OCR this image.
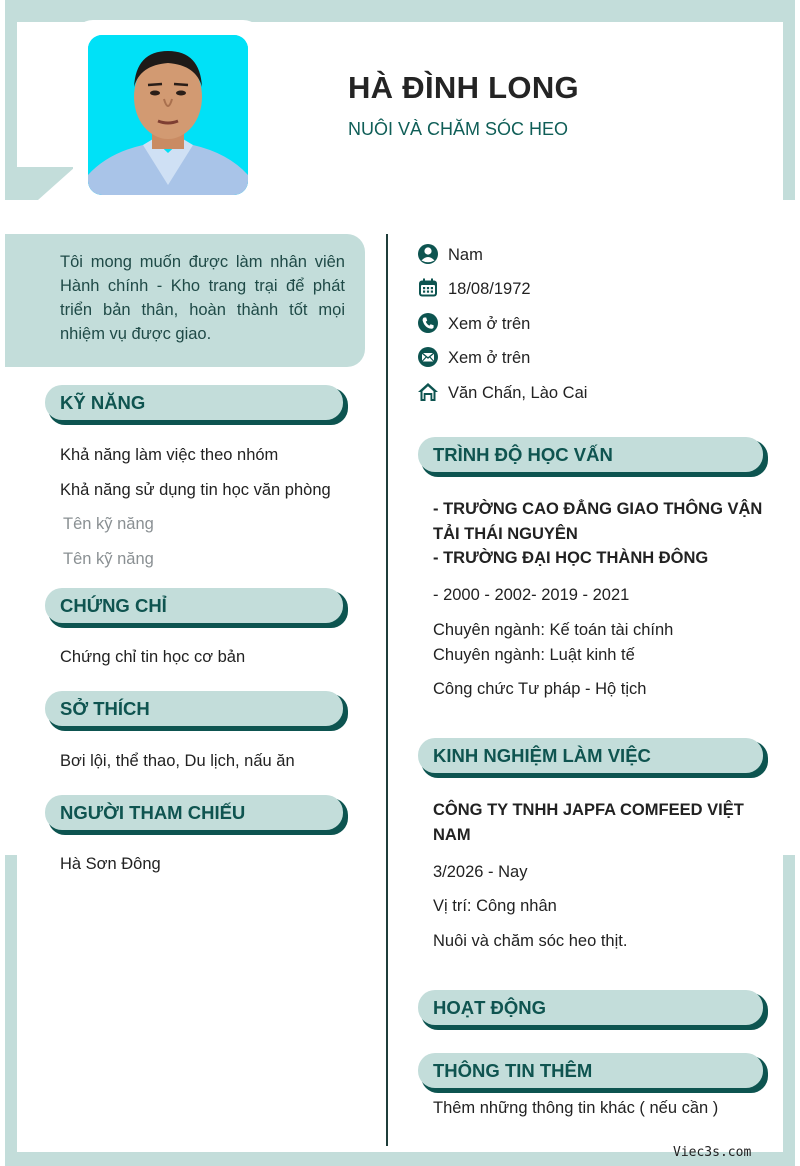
HÀ ĐÌNH LONG
NUÔI VÀ CHĂM SÓC HEO
Tôi mong muốn được làm nhân viên Hành chính - Kho trang trại để phát triển bản thân, hoàn thành tốt mọi nhiệm vụ được giao.
KỸ NĂNG
Khả năng làm việc theo nhóm
Khả năng sử dụng tin học văn phòng
Tên kỹ năng
Tên kỹ năng
CHỨNG CHỈ
Chứng chỉ tin học cơ bản
SỞ THÍCH
Bơi lội, thể thao, Du lịch, nấu ăn
NGƯỜI THAM CHIẾU
Hà Sơn Đông
Nam
18/08/1972
Xem ở trên
Xem ở trên
Văn Chấn, Lào Cai
TRÌNH ĐỘ HỌC VẤN
- TRƯỜNG CAO ĐẲNG GIAO THÔNG VẬN
TẢI THÁI NGUYÊN
- TRƯỜNG ĐẠI HỌC THÀNH ĐÔNG
- 2000 - 2002- 2019 - 2021
Chuyên ngành: Kế toán tài chính
Chuyên ngành: Luật kinh tế
Công chức Tư pháp - Hộ tịch
KINH NGHIỆM LÀM VIỆC
CÔNG TY TNHH JAPFA COMFEED VIỆT
NAM
3/2026 - Nay
Vị trí: Công nhân
Nuôi và chăm sóc heo thịt.
HOẠT ĐỘNG
THÔNG TIN THÊM
Thêm những thông tin khác ( nếu cần )
Viec3s.com
